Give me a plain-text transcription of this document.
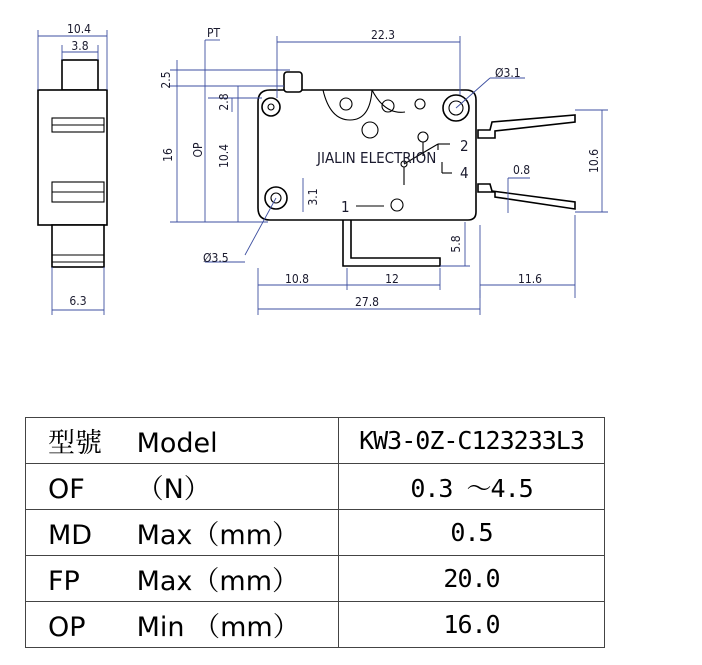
10.4
3.8
6.3
JIALIN ELECTRION
2
4
1
22.3
PT
Ø3.1
Ø3.5
0.8
10.8	12	11.6
27.8
2.5
16 OP
2.8
10.4
3.1
10.6
5.8
型號 Model	KW3-0Z-C123233L3
OF （N）	0.3 ～4.5
MD Max（mm）	0.5
FP Max（mm）	20.0
OP Min （mm）	16.0
